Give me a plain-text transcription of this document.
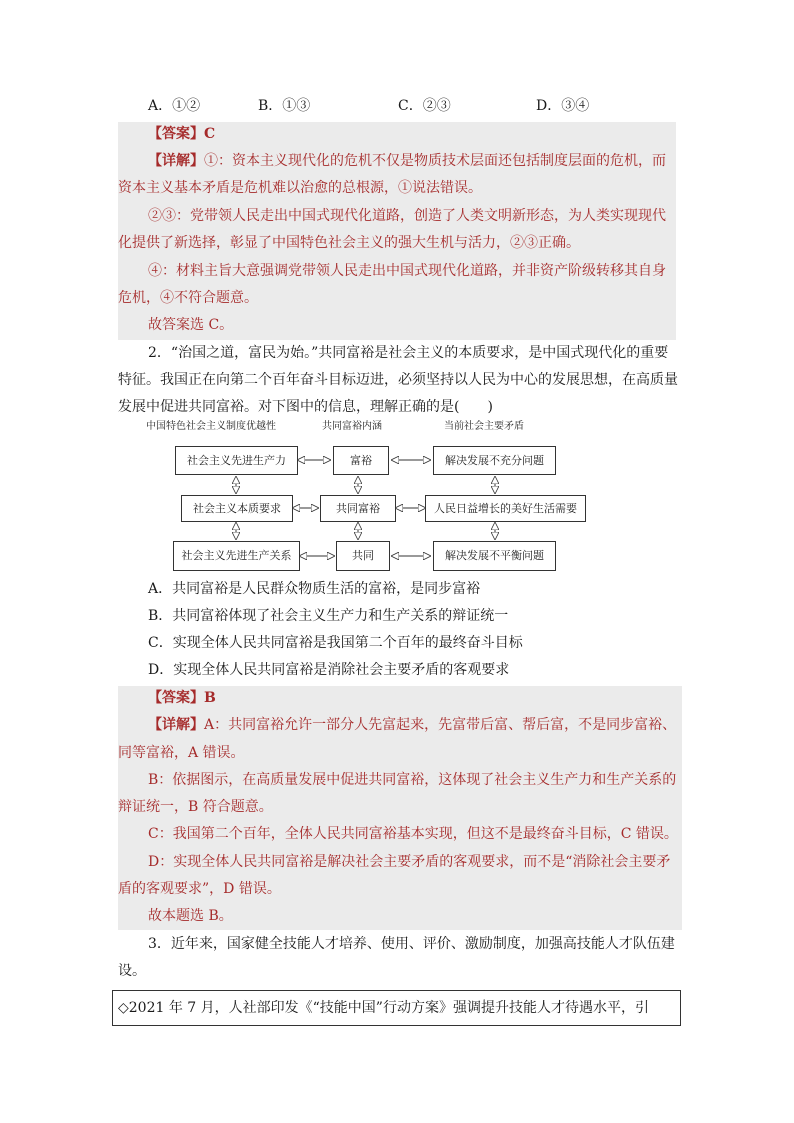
A．①②	B．①③	C．②③	D．③④
【答案】C
【详解】①：资本主义现代化的危机不仅是物质技术层面还包括制度层面的危机，而
资本主义基本矛盾是危机难以治愈的总根源，①说法错误。
②③：党带领人民走出中国式现代化道路，创造了人类文明新形态，为人类实现现代
化提供了新选择，彰显了中国特色社会主义的强大生机与活力，②③正确。
④：材料主旨大意强调党带领人民走出中国式现代化道路，并非资产阶级转移其自身
危机，④不符合题意。
故答案选 C。
2．“治国之道，富民为始。”共同富裕是社会主义的本质要求，是中国式现代化的重要
特征。我国正在向第二个百年奋斗目标迈进，必须坚持以人民为中心的发展思想，在高质量
发展中促进共同富裕。对下图中的信息，理解正确的是(　　)
中国特色社会主义制度优越性	共同富裕内涵	当前社会主要矛盾
社会主义先进生产力	富裕	解决发展不充分问题
社会主义本质要求	共同富裕	人民日益增长的美好生活需要
社会主义先进生产关系	共同	解决发展不平衡问题
A．共同富裕是人民群众物质生活的富裕，是同步富裕
B．共同富裕体现了社会主义生产力和生产关系的辩证统一
C．实现全体人民共同富裕是我国第二个百年的最终奋斗目标
D．实现全体人民共同富裕是消除社会主要矛盾的客观要求
【答案】B
【详解】A：共同富裕允许一部分人先富起来，先富带后富、帮后富，不是同步富裕、
同等富裕，A 错误。
B：依据图示，在高质量发展中促进共同富裕，这体现了社会主义生产力和生产关系的
辩证统一，B 符合题意。
C：我国第二个百年，全体人民共同富裕基本实现，但这不是最终奋斗目标，C 错误。
D：实现全体人民共同富裕是解决社会主要矛盾的客观要求，而不是“消除社会主要矛
盾的客观要求”，D 错误。
故本题选 B。
3．近年来，国家健全技能人才培养、使用、评价、激励制度，加强高技能人才队伍建
设。
◇2021 年 7 月，人社部印发《“技能中国”行动方案》强调提升技能人才待遇水平，引
